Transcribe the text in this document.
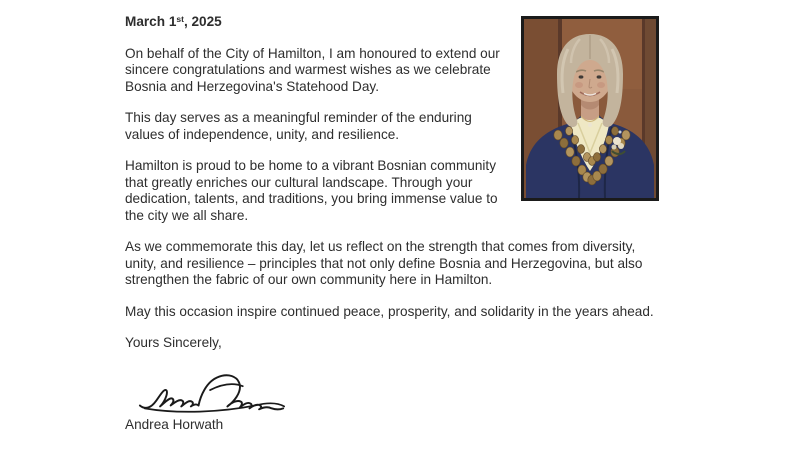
March 1st, 2025

On behalf of the City of Hamilton, I am honoured to extend our sincere congratulations and warmest wishes as we celebrate Bosnia and Herzegovina's Statehood Day.

This day serves as a meaningful reminder of the enduring values of independence, unity, and resilience.

Hamilton is proud to be home to a vibrant Bosnian community that greatly enriches our cultural landscape. Through your dedication, talents, and traditions, you bring immense value to the city we all share.

As we commemorate this day, let us reflect on the strength that comes from diversity, unity, and resilience – principles that not only define Bosnia and Herzegovina, but also strengthen the fabric of our own community here in Hamilton.

May this occasion inspire continued peace, prosperity, and solidarity in the years ahead.

Yours Sincerely,

Andrea Horwath
